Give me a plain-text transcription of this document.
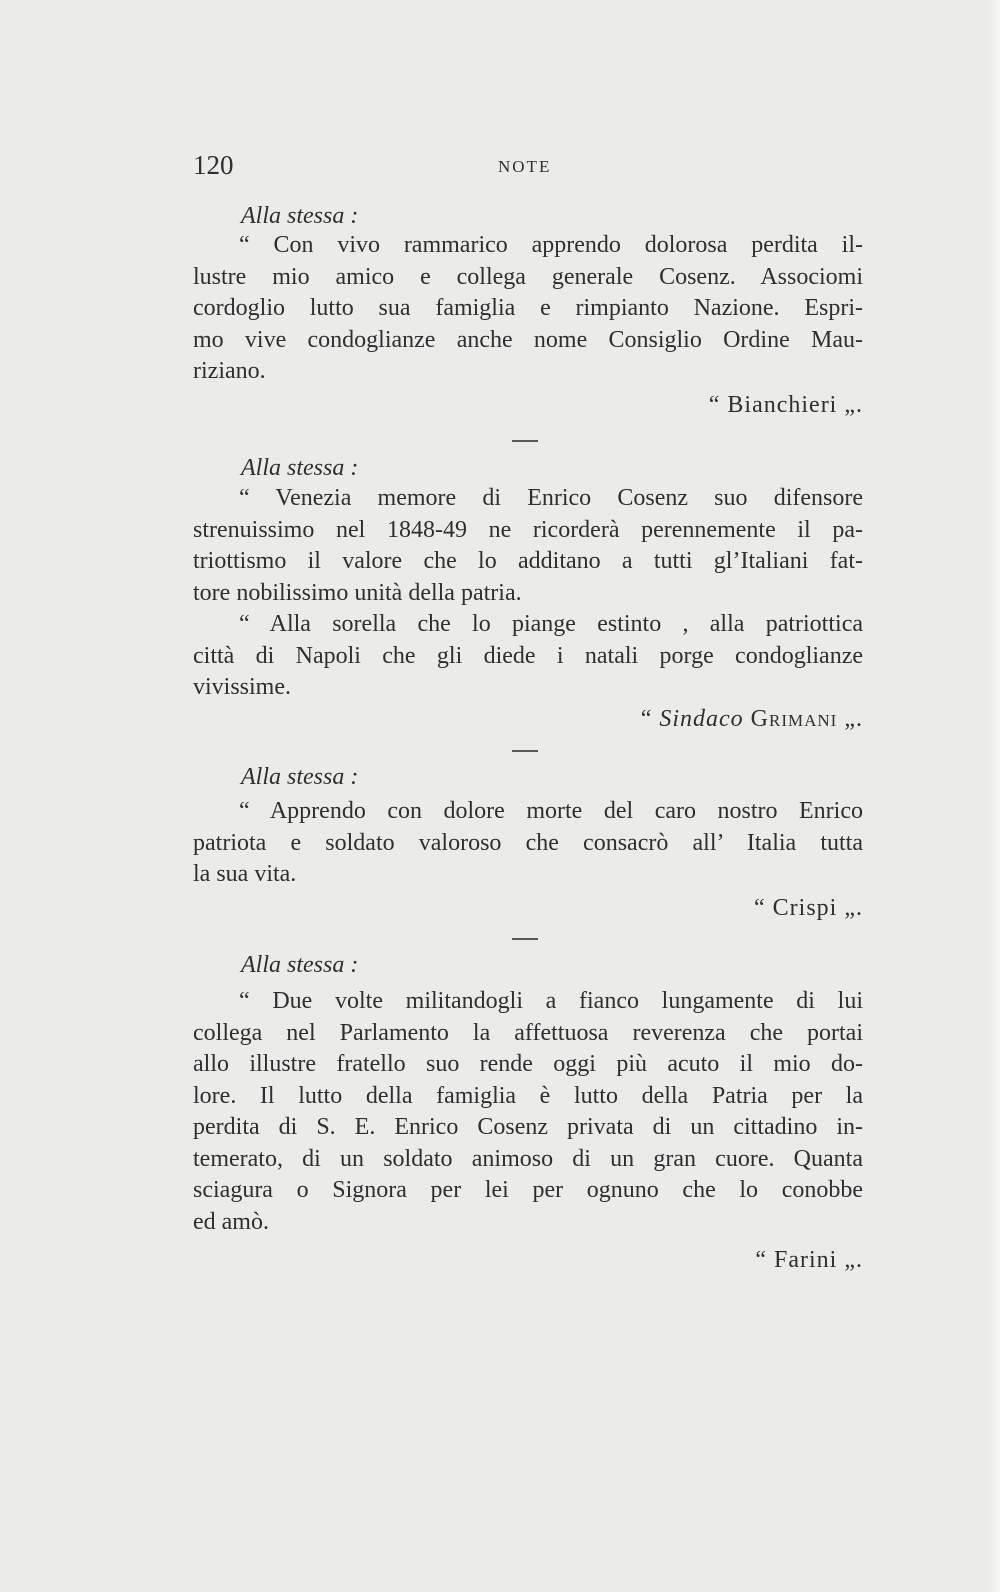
120	NOTE
Alla stessa :
“ Con vivo rammarico apprendo dolorosa perdita il-
lustre mio amico e collega generale Cosenz. Associomi
cordoglio lutto sua famiglia e rimpianto Nazione. Espri-
mo vive condoglianze anche nome Consiglio Ordine Mau-
riziano.
“ Bianchieri „.
Alla stessa :
“ Venezia memore di Enrico Cosenz suo difensore
strenuissimo nel 1848-49 ne ricorderà perennemente il pa-
triottismo il valore che lo additano a tutti gl’Italiani fat-
tore nobilissimo unità della patria.
“ Alla sorella che lo piange estinto , alla patriottica
città di Napoli che gli diede i natali porge condoglianze
vivissime.
“ Sindaco Grimani „.
Alla stessa :
“ Apprendo con dolore morte del caro nostro Enrico
patriota e soldato valoroso che consacrò all’ Italia tutta
la sua vita.
“ Crispi „.
Alla stessa :
“ Due volte militandogli a fianco lungamente di lui
collega nel Parlamento la affettuosa reverenza che portai
allo illustre fratello suo rende oggi più acuto il mio do-
lore. Il lutto della famiglia è lutto della Patria per la
perdita di S. E. Enrico Cosenz privata di un cittadino in-
temerato, di un soldato animoso di un gran cuore. Quanta
sciagura o Signora per lei per ognuno che lo conobbe
ed amò.
“ Farini „.
